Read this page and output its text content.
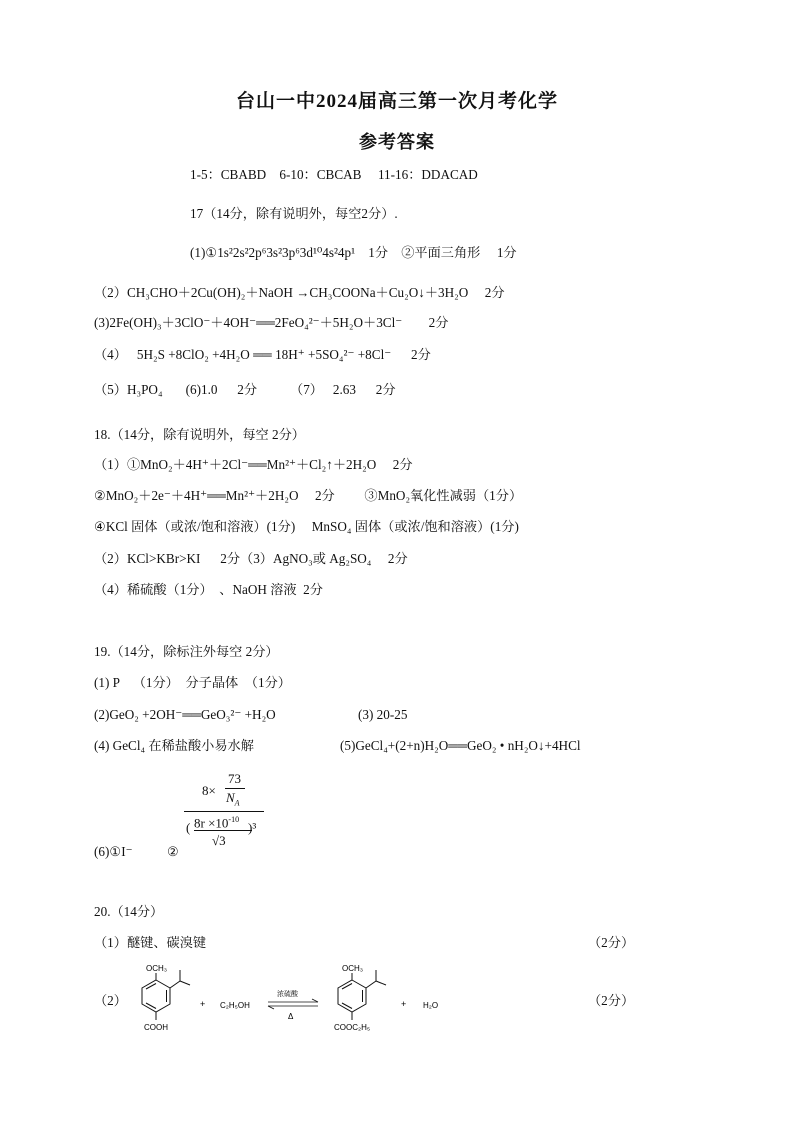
台山一中2024届高三第一次月考化学
参考答案
1-5：CBABD    6-10：CBCAB     11-16：DDACAD
17（14分，除有说明外，每空2分）.
(1)①1s²2s²2p⁶3s²3p⁶3d¹⁰4s²4p¹    1分    ②平面三角形     1分
（2）CH₃CHO＋2Cu(OH)₂＋NaOH →CH₃COONa＋Cu₂O↓＋3H₂O     2分
(3)2Fe(OH)₃＋3ClO⁻＋4OH⁻══2FeO₄²⁻＋5H₂O＋3Cl⁻        2分
（4）   5H₂S +8ClO₂ +4H₂O ══ 18H⁺ +5SO₄²⁻ +8Cl⁻      2分
（5）H₃PO₄       (6)1.0      2分          （7）   2.63      2分
18.（14分，除有说明外，每空 2分）
（1）①MnO₂＋4H⁺＋2Cl⁻══Mn²⁺＋Cl₂↑＋2H₂O     2分
②MnO₂＋2e⁻＋4H⁺══Mn²⁺＋2H₂O     2分         ③MnO₂氧化性减弱（1分）
④KCl 固体（或浓/饱和溶液）(1分)     MnSO₄ 固体（或浓/饱和溶液）(1分)
（2）KCl>KBr>KI      2分（3）AgNO₃或 Ag₂SO₄     2分
（4）稀硫酸（1分）  、NaOH 溶液  2分
19.（14分，除标注外每空 2分）
(1) P    （1分）  分子晶体  （1分）
(2)GeO₂ +2OH⁻══GeO₃²⁻ +H₂O	(3) 20-25
(4) GeCl₄ 在稀盐酸小易水解	(5)GeCl₄+(2+n)H₂O══GeO₂ • nH₂O↓+4HCl
(6)①I⁻	②
8×
73
$N_A$
( $8r \times 10^{-10}$
√3
)³
20.（14分）
（1）醚键、碳溴键	（2分）
（2）	（2分）
OCH₃
COOH
+ C₂H₅OH
浓硫酸
Δ
OCH₃
COOC₂H₅
+ H₂O
